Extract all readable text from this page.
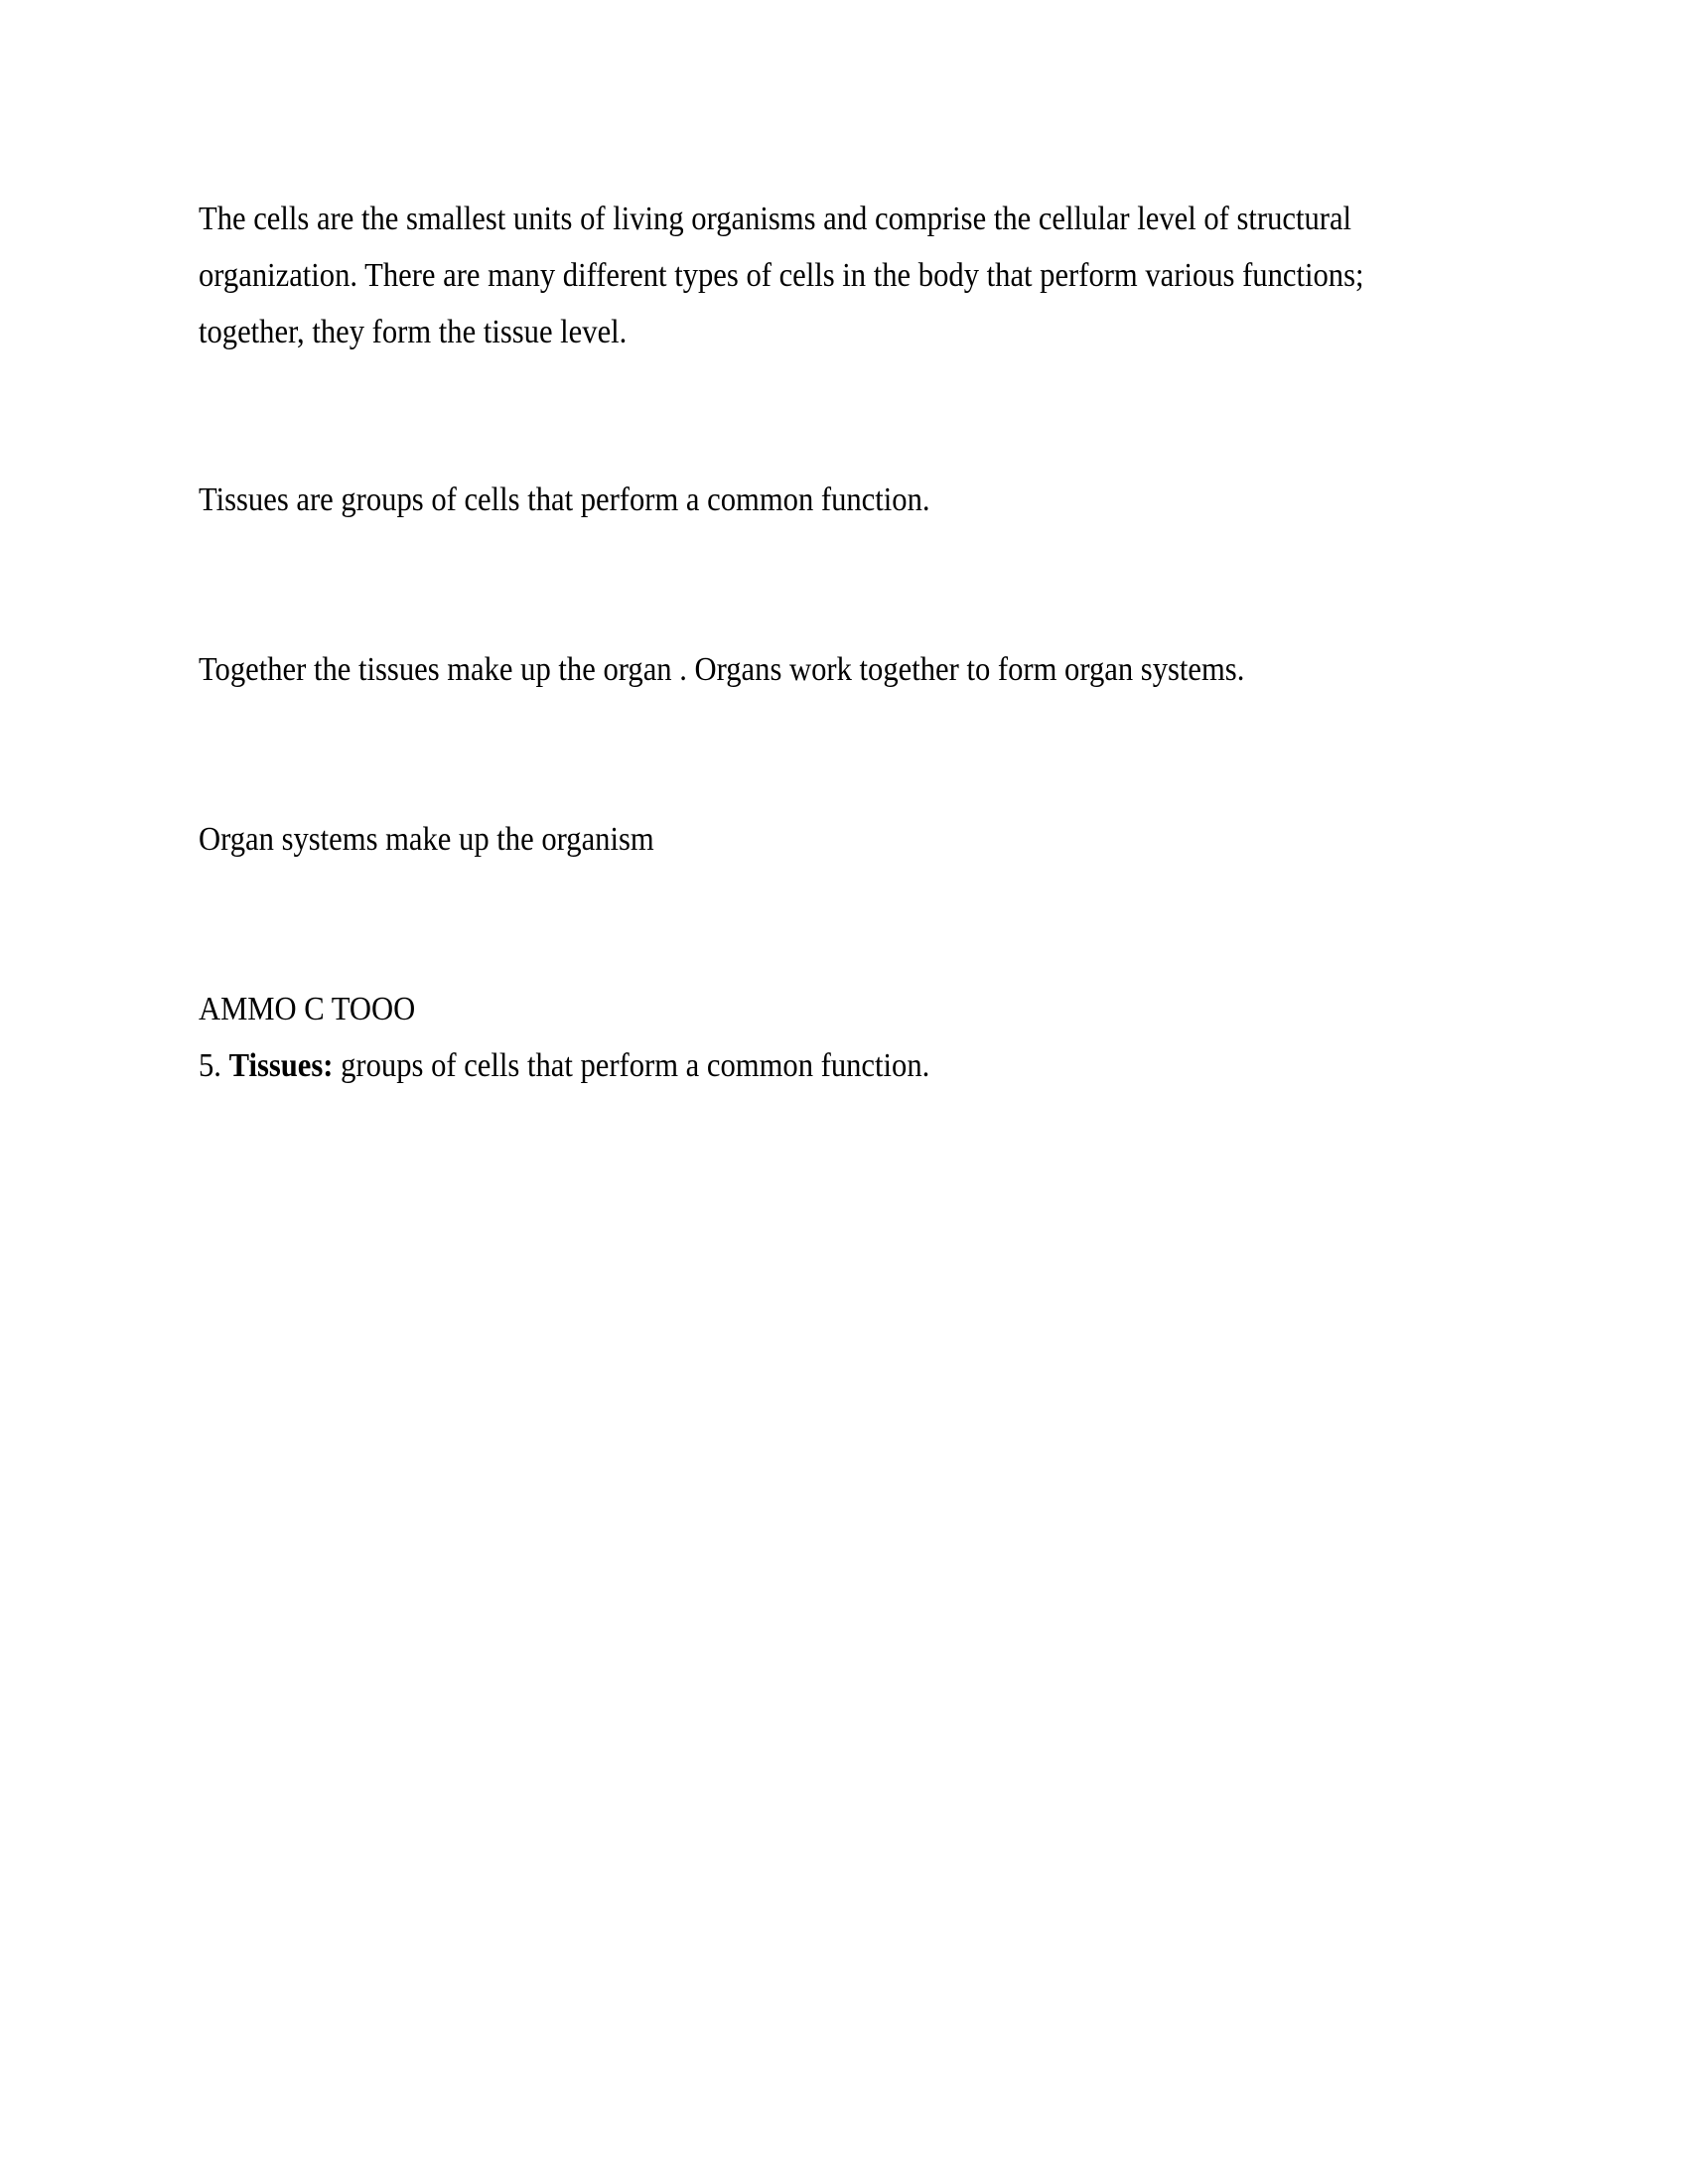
The cells are the smallest units of living organisms and comprise the cellular level of structural
organization. There are many different types of cells in the body that perform various functions;
together, they form the tissue level.
Tissues are groups of cells that perform a common function.
Together the tissues make up the organ . Organs work together to form organ systems.
Organ systems make up the organism
AMMO C TOOO
5. Tissues: groups of cells that perform a common function.
